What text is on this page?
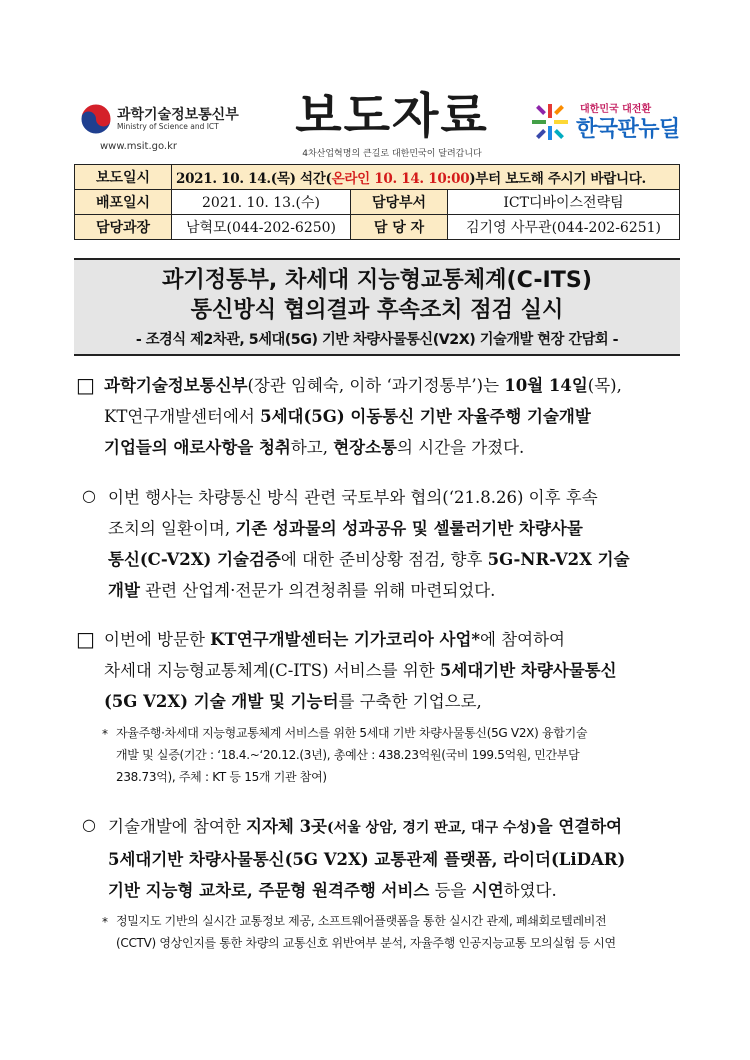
과학기술정보통신부
Ministry of Science and ICT
www.msit.go.kr
보도자료
4차산업혁명의 큰길로 대한민국이 달려갑니다
대한민국 대전환
한국판뉴딜
보도일시	2021. 10. 14.(목) 석간(온라인 10. 14. 10:00)부터 보도해 주시기 바랍니다.		
배포일시	2021. 10. 13.(수)	담당부서	ICT디바이스전략팀
담당과장	남혁모(044-202-6250)	담 당 자	김기영 사무관(044-202-6251)
과기정통부, 차세대 지능형교통체계(C-ITS)
통신방식 협의결과 후속조치 점검 실시
- 조경식 제2차관, 5세대(5G) 기반 차량사물통신(V2X) 기술개발 현장 간담회 -
□ 과학기술정보통신부(장관 임혜숙, 이하 ‘과기정통부’)는 10월 14일(목),
KT연구개발센터에서 5세대(5G) 이동통신 기반 자율주행 기술개발
기업들의 애로사항을 청취하고, 현장소통의 시간을 가졌다.
○ 이번 행사는 차량통신 방식 관련 국토부와 협의(‘21.8.26) 이후 후속
조치의 일환이며, 기존 성과물의 성과공유 및 셀룰러기반 차량사물
통신(C-V2X) 기술검증에 대한 준비상황 점검, 향후 5G-NR-V2X 기술
개발 관련 산업계·전문가 의견청취를 위해 마련되었다.
□ 이번에 방문한 KT연구개발센터는 기가코리아 사업*에 참여하여
차세대 지능형교통체계(C-ITS) 서비스를 위한 5세대기반 차량사물통신
(5G V2X) 기술 개발 및 기능터를 구축한 기업으로,
* 자율주행·차세대 지능형교통체계 서비스를 위한 5세대 기반 차량사물통신(5G V2X) 융합기술
개발 및 실증(기간 : ‘18.4.~‘20.12.(3년), 총예산 : 438.23억원(국비 199.5억원, 민간부담
238.73억), 주체 : KT 등 15개 기관 참여)
○ 기술개발에 참여한 지자체 3곳(서울 상암, 경기 판교, 대구 수성)을 연결하여
5세대기반 차량사물통신(5G V2X) 교통관제 플랫폼, 라이더(LiDAR)
기반 지능형 교차로, 주문형 원격주행 서비스 등을 시연하였다.
* 정밀지도 기반의 실시간 교통정보 제공, 소프트웨어플랫폼을 통한 실시간 관제, 폐쇄회로텔레비전
(CCTV) 영상인지를 통한 차량의 교통신호 위반여부 분석, 자율주행 인공지능교통 모의실험 등 시연
